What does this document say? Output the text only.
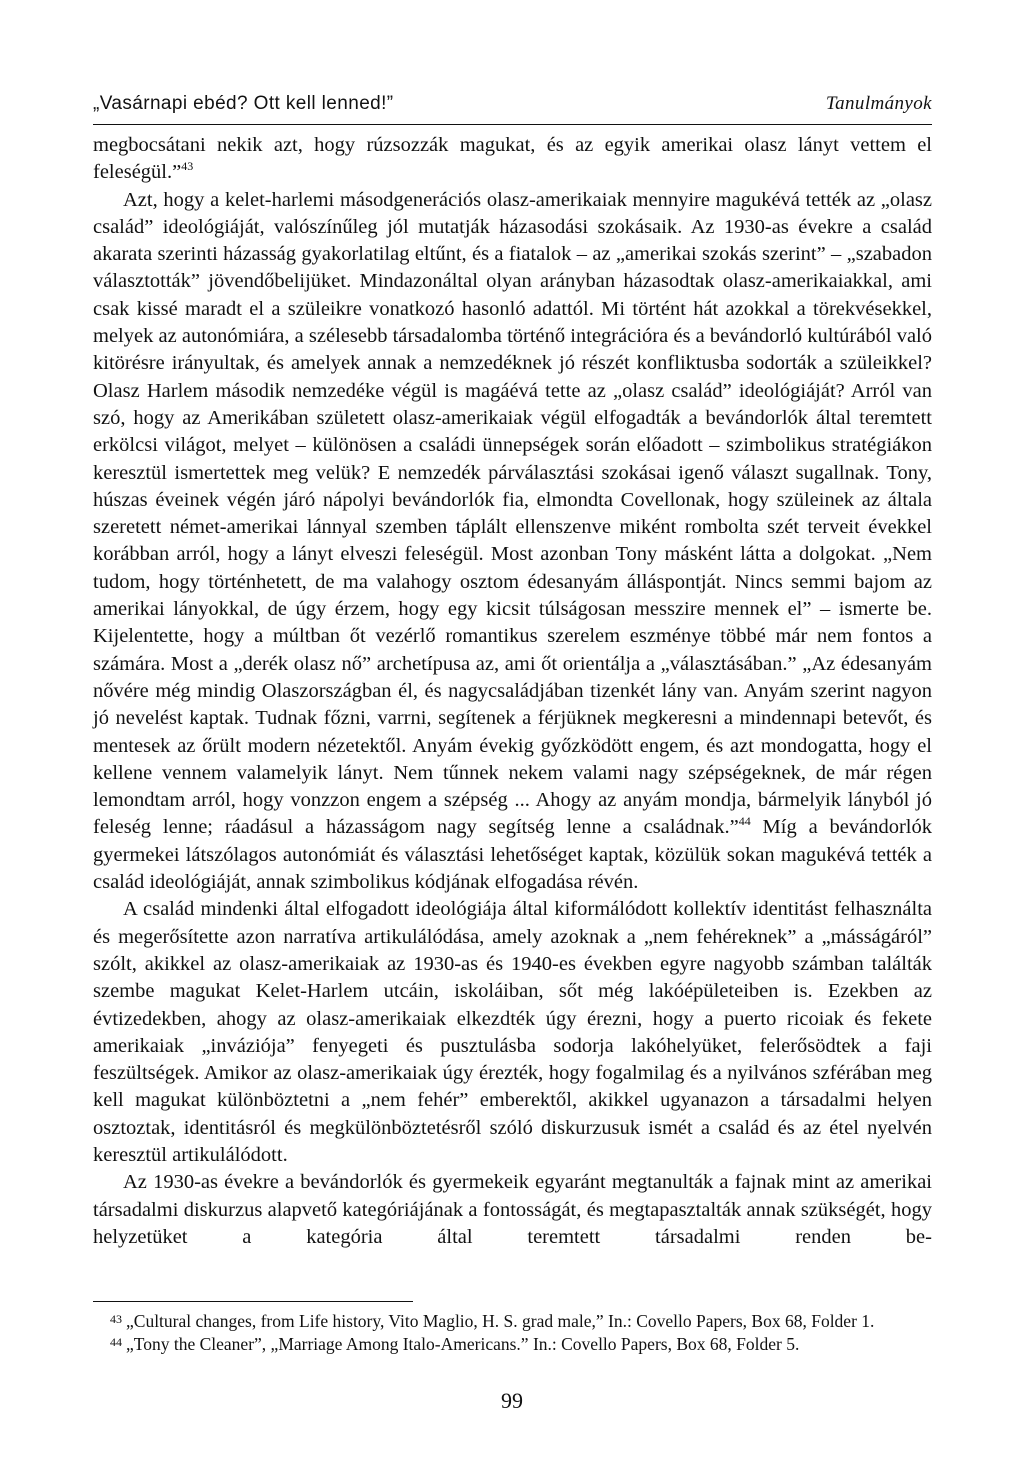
„Vasárnapi ebéd? Ott kell lenned!”	Tanulmányok

megbocsátani nekik azt, hogy rúzsozzák magukat, és az egyik amerikai olasz lányt vettem el feleségül.”$^{43}$

Azt, hogy a kelet-harlemi másodgenerációs olasz-amerikaiak mennyire magukévá tették az „olasz család” ideológiáját, valószínűleg jól mutatják házasodási szokásaik. Az 1930-as évekre a család akarata szerinti házasság gyakorlatilag eltűnt, és a fiatalok – az „amerikai szokás szerint” – „szabadon választották” jövendőbelijüket. Mindazonáltal olyan arányban házasodtak olasz-amerikaiakkal, ami csak kissé maradt el a szüleikre vonatkozó hasonló adattól. Mi történt hát azokkal a törekvésekkel, melyek az autonómiára, a szélesebb társadalomba történő integrációra és a bevándorló kultúrából való kitörésre irányultak, és amelyek annak a nemzedéknek jó részét konfliktusba sodorták a szüleikkel? Olasz Harlem második nemzedéke végül is magáévá tette az „olasz család” ideológiáját? Arról van szó, hogy az Amerikában született olasz-amerikaiak végül elfogadták a bevándorlók által teremtett erkölcsi világot, melyet – különösen a családi ünnepségek során előadott – szimbolikus stratégiákon keresztül ismertettek meg velük? E nemzedék párválasztási szokásai igenő választ sugallnak. Tony, húszas éveinek végén járó nápolyi bevándorlók fia, elmondta Covellonak, hogy szüleinek az általa szeretett német-amerikai lánnyal szemben táplált ellenszenve miként rombolta szét terveit évekkel korábban arról, hogy a lányt elveszi feleségül. Most azonban Tony másként látta a dolgokat. „Nem tudom, hogy történhetett, de ma valahogy osztom édesanyám álláspontját. Nincs semmi bajom az amerikai lányokkal, de úgy érzem, hogy egy kicsit túlságosan messzire mennek el” – ismerte be. Kijelentette, hogy a múltban őt vezérlő romantikus szerelem eszménye többé már nem fontos a számára. Most a „derék olasz nő” archetípusa az, ami őt orientálja a „választásában.” „Az édesanyám nővére még mindig Olaszországban él, és nagycsaládjában tizenkét lány van. Anyám szerint nagyon jó nevelést kaptak. Tudnak főzni, varrni, segítenek a férjüknek megkeresni a mindennapi betevőt, és mentesek az őrült modern nézetektől. Anyám évekig győzködött engem, és azt mondogatta, hogy el kellene vennem valamelyik lányt. Nem tűnnek nekem valami nagy szépségeknek, de már régen lemondtam arról, hogy vonzzon engem a szépség ... Ahogy az anyám mondja, bármelyik lányból jó feleség lenne; ráadásul a házasságom nagy segítség lenne a családnak.”$^{44}$ Míg a bevándorlók gyermekei látszólagos autonómiát és választási lehetőséget kaptak, közülük sokan magukévá tették a család ideológiáját, annak szimbolikus kódjának elfogadása révén.

A család mindenki által elfogadott ideológiája által kiformálódott kollektív identitást felhasználta és megerősítette azon narratíva artikulálódása, amely azoknak a „nem fehéreknek” a „másságáról” szólt, akikkel az olasz-amerikaiak az 1930-as és 1940-es években egyre nagyobb számban találták szembe magukat Kelet-Harlem utcáin, iskoláiban, sőt még lakóépületeiben is. Ezekben az évtizedekben, ahogy az olasz-amerikaiak elkezdték úgy érezni, hogy a puerto ricoiak és fekete amerikaiak „inváziója” fenyegeti és pusztulásba sodorja lakóhelyüket, felerősödtek a faji feszültségek. Amikor az olasz-amerikaiak úgy érezték, hogy fogalmilag és a nyilvános szférában meg kell magukat különböztetni a „nem fehér” emberektől, akikkel ugyanazon a társadalmi helyen osztoztak, identitásról és megkülönböztetésről szóló diskurzusuk ismét a család és az étel nyelvén keresztül artikulálódott.

Az 1930-as évekre a bevándorlók és gyermekeik egyaránt megtanulták a fajnak mint az amerikai társadalmi diskurzus alapvető kategóriájának a fontosságát, és megtapasztalták annak szükségét, hogy helyzetüket a kategória által teremtett társadalmi renden be-

43 „Cultural changes, from Life history, Vito Maglio, H. S. grad male,” In.: Covello Papers, Box 68, Folder 1.
44 „Tony the Cleaner”, „Marriage Among Italo-Americans.” In.: Covello Papers, Box 68, Folder 5.
99
